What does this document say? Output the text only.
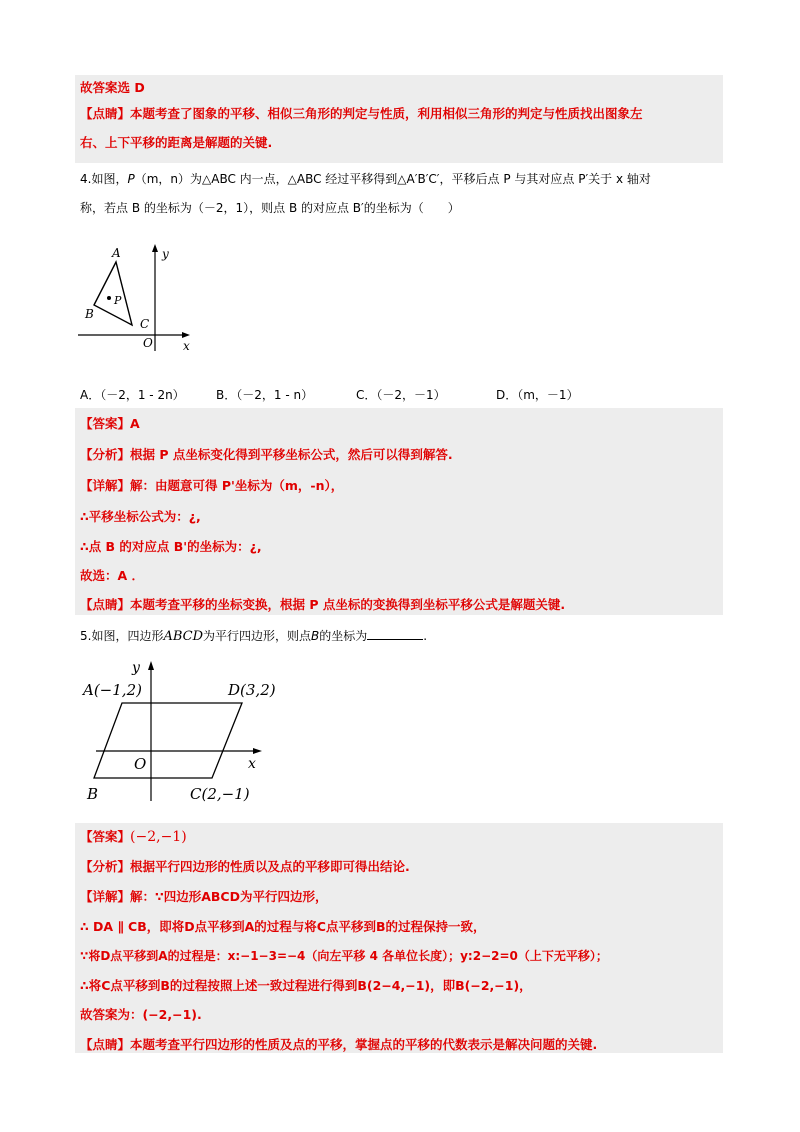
故答案选 D
【点睛】本题考查了图象的平移、相似三角形的判定与性质，利用相似三角形的判定与性质找出图象左
右、上下平移的距离是解题的关键.
4.如图，P（m，n）为△ABC 内一点，△ABC 经过平移得到△A′B′C′，平移后点 P 与其对应点 P′关于 x 轴对
称，若点 B 的坐标为（－2，1），则点 B 的对应点 B′的坐标为（　　）
A
B
C
P
O	x
y
A．（－2，1 - 2n）	B．（－2，1 - n）	C．（－2，－1）	D．（m，－1）
【答案】A
【分析】根据 P 点坐标变化得到平移坐标公式，然后可以得到解答.
【详解】解：由题意可得 P'坐标为（m，-n），
∴平移坐标公式为：¿,
∴点 B 的对应点 B'的坐标为：¿,
故选：A ．
【点睛】本题考查平移的坐标变换，根据 P 点坐标的变换得到坐标平移公式是解题关键.
5.如图，四边形ABCD为平行四边形，则点B的坐标为	.
A(−1,2)	D(3,2)
B	C(2,−1)
O	x
y
【答案】(−2,−1)
【分析】根据平行四边形的性质以及点的平移即可得出结论.
【详解】解：∵四边形ABCD为平行四边形，
∴ DA ∥ CB，即将D点平移到A的过程与将C点平移到B的过程保持一致，
∵将D点平移到A的过程是：x:−1−3=−4（向左平移 4 各单位长度）；y:2−2=0（上下无平移）；
∴将C点平移到B的过程按照上述一致过程进行得到B(2−4,−1)，即B(−2,−1)，
故答案为：(−2,−1).
【点睛】本题考查平行四边形的性质及点的平移，掌握点的平移的代数表示是解决问题的关键.
